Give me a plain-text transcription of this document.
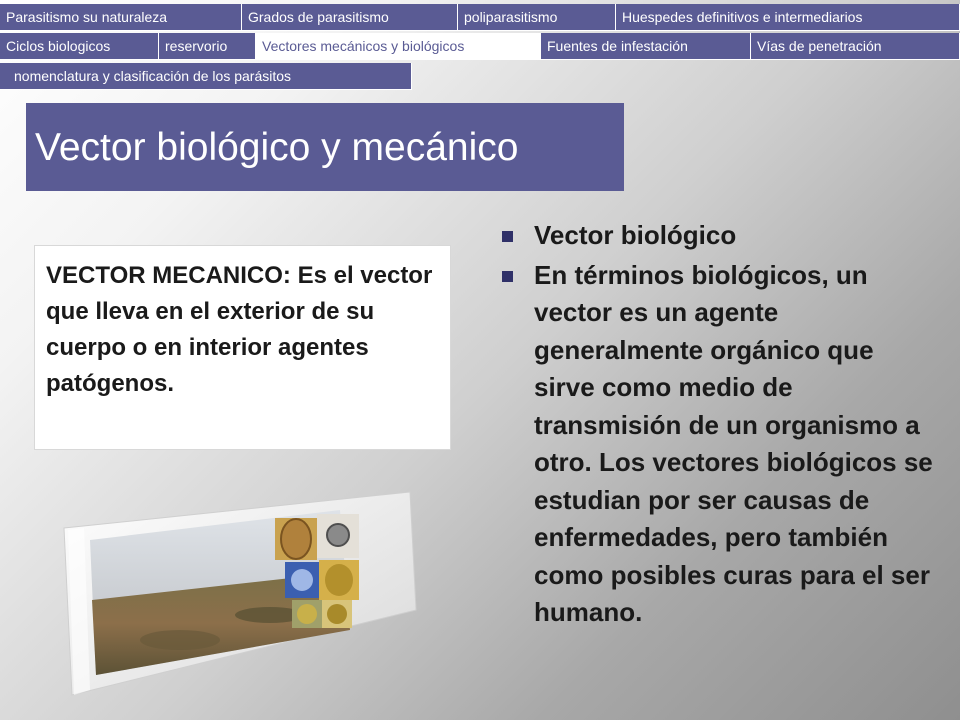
Parasitismo su naturaleza	Grados de parasitismo	poliparasitismo	Huespedes definitivos e intermediarios
Ciclos biologicos	reservorio	Vectores mecánicos y biológicos	Fuentes de infestación	Vías de penetración
nomenclatura y clasificación de los parásitos
Vector biológico y mecánico
VECTOR MECANICO: Es el vector que lleva en el exterior de su cuerpo o en interior agentes patógenos.
Vector biológico
En términos biológicos, un vector es un agente generalmente orgánico que sirve como medio de transmisión de un organismo a otro. Los vectores biológicos se estudian por ser causas de enfermedades, pero también como posibles curas para el ser humano.
